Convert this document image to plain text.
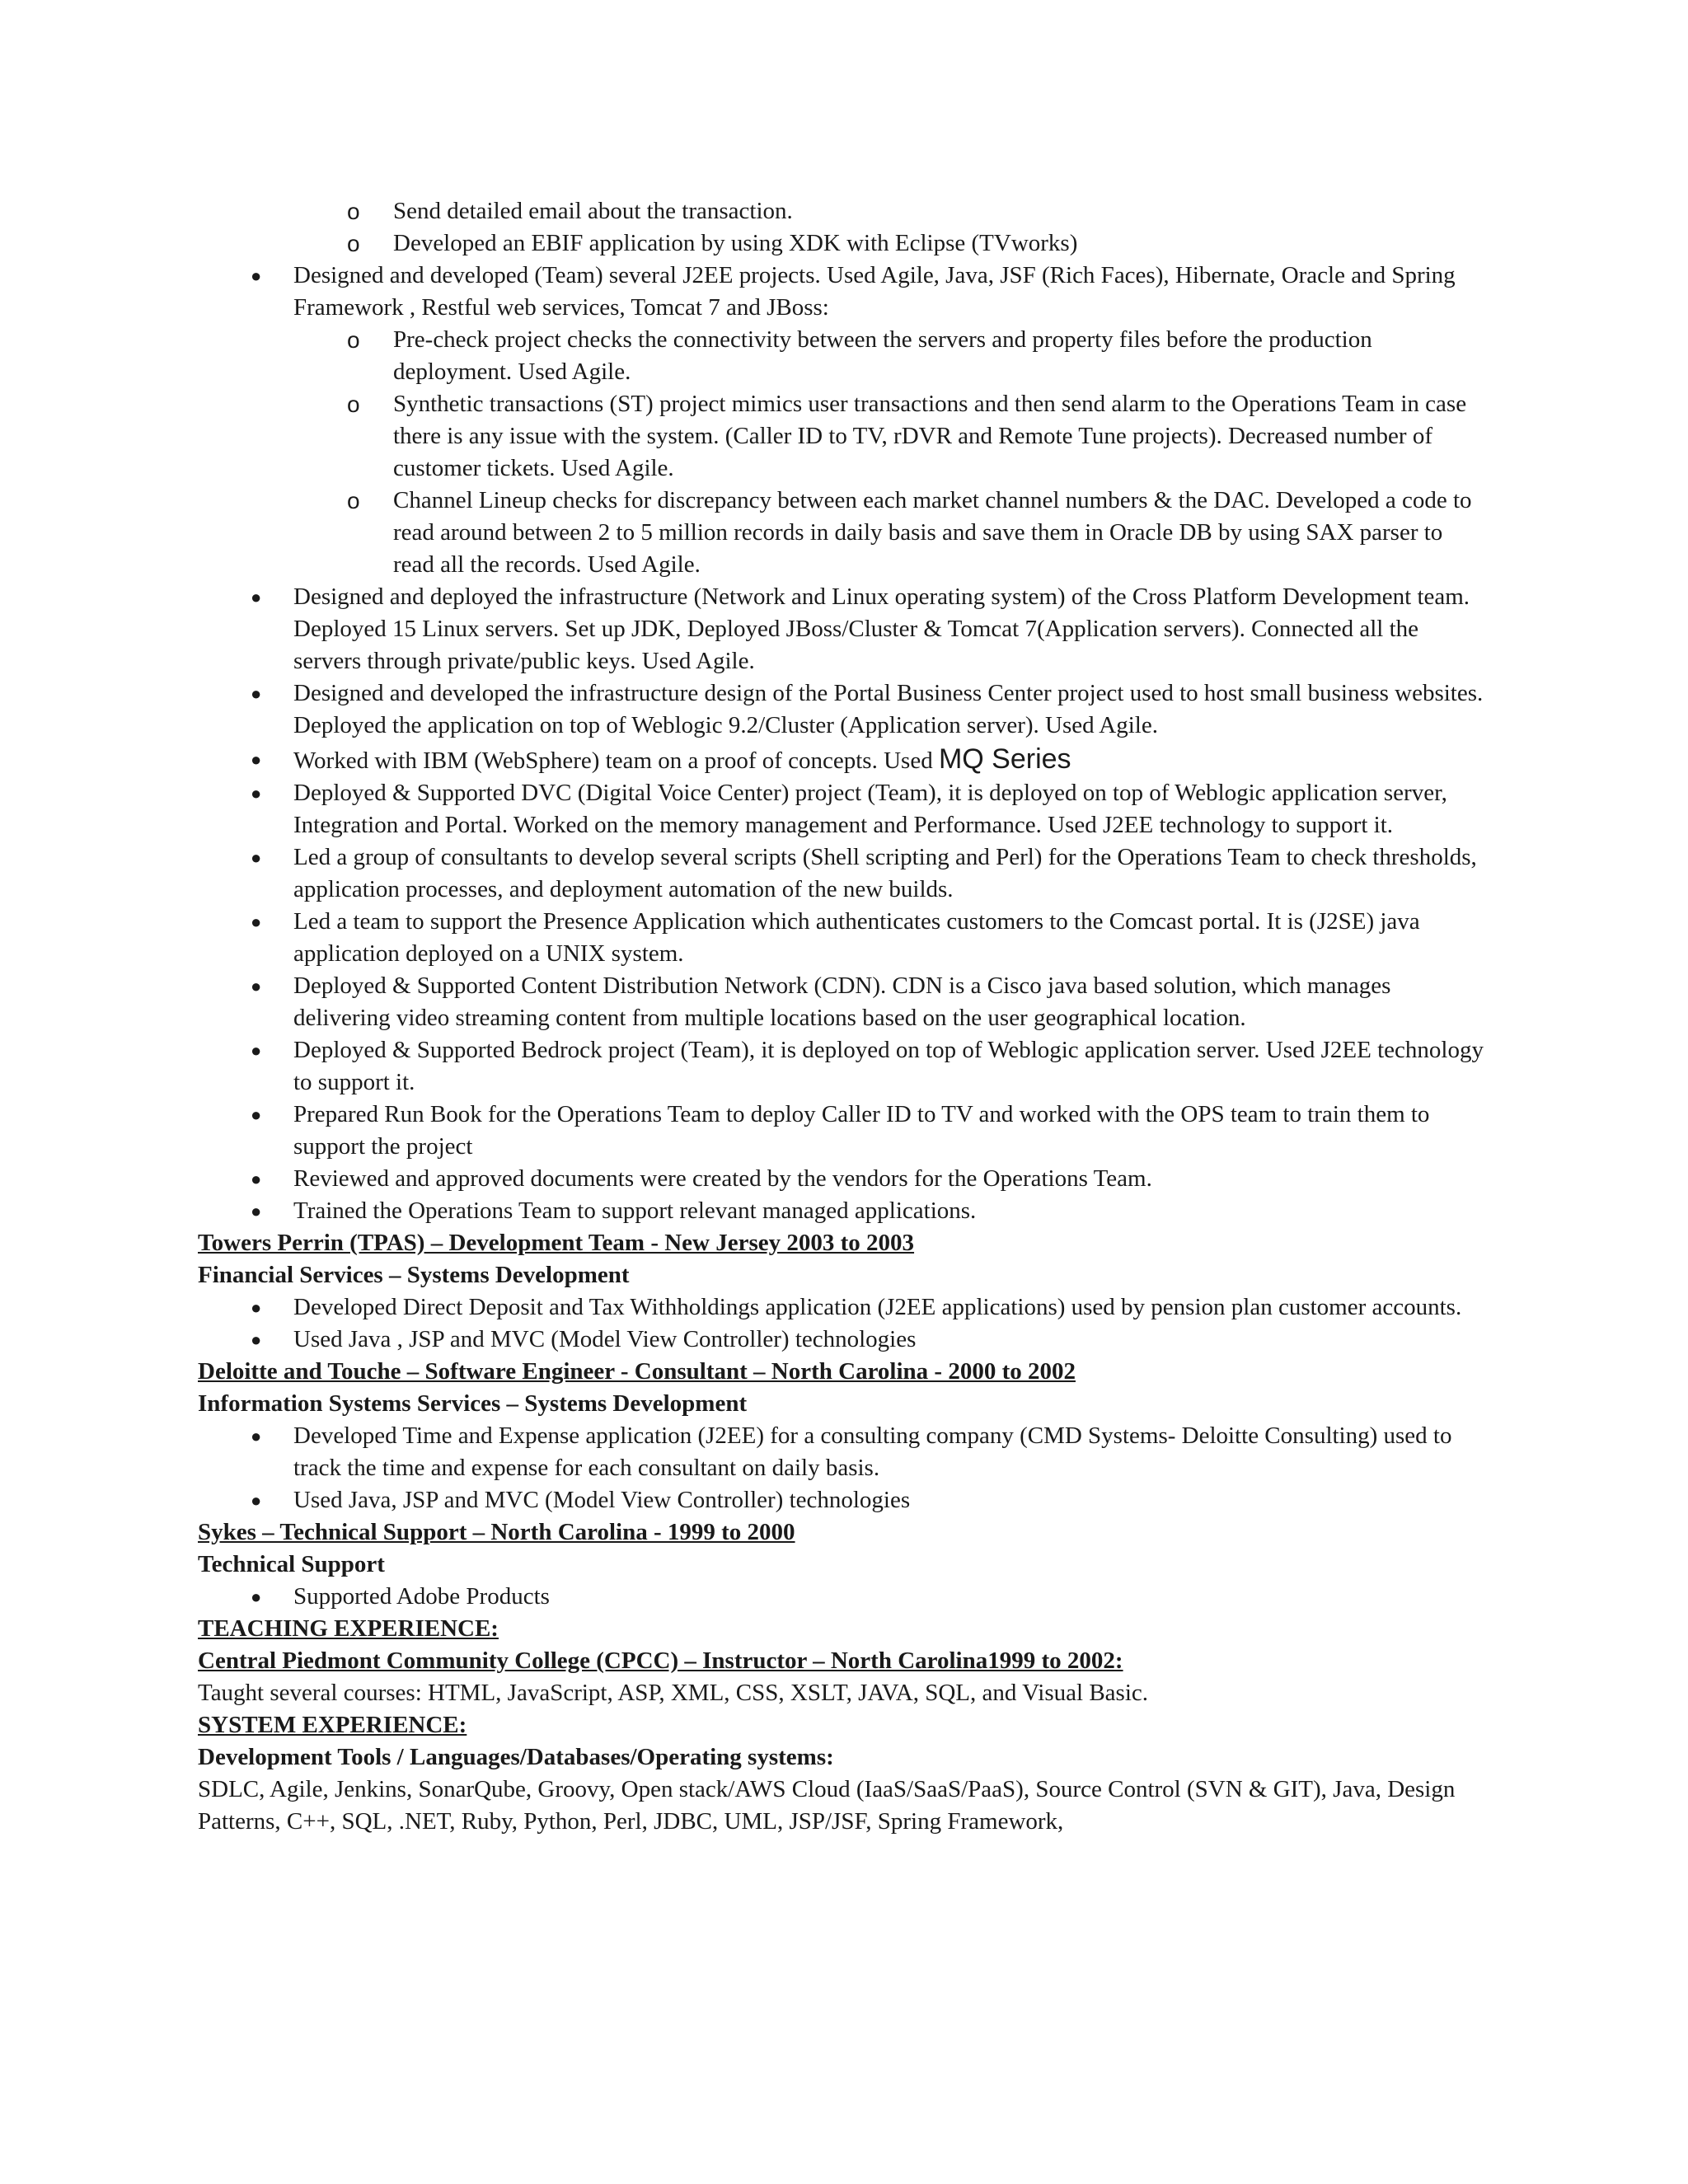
o Send detailed email about the transaction.
o Developed an EBIF application by using XDK with Eclipse (TVworks)
● Designed and developed (Team) several J2EE projects. Used Agile, Java, JSF (Rich Faces), Hibernate, Oracle and Spring Framework , Restful web services, Tomcat 7 and JBoss:
o Pre-check project checks the connectivity between the servers and property files before the production deployment. Used Agile.
o Synthetic transactions (ST) project mimics user transactions and then send alarm to the Operations Team in case there is any issue with the system. (Caller ID to TV, rDVR and Remote Tune projects). Decreased number of customer tickets. Used Agile.
o Channel Lineup checks for discrepancy between each market channel numbers & the DAC. Developed a code to read around between 2 to 5 million records in daily basis and save them in Oracle DB by using SAX parser to read all the records. Used Agile.
● Designed and deployed the infrastructure (Network and Linux operating system) of the Cross Platform Development team. Deployed 15 Linux servers. Set up JDK, Deployed JBoss/Cluster & Tomcat 7(Application servers). Connected all the servers through private/public keys. Used Agile.
● Designed and developed the infrastructure design of the Portal Business Center project used to host small business websites. Deployed the application on top of Weblogic 9.2/Cluster (Application server). Used Agile.
● Worked with IBM (WebSphere) team on a proof of concepts. Used MQ Series
● Deployed & Supported DVC (Digital Voice Center) project (Team), it is deployed on top of Weblogic application server, Integration and Portal. Worked on the memory management and Performance. Used J2EE technology to support it.
● Led a group of consultants to develop several scripts (Shell scripting and Perl) for the Operations Team to check thresholds, application processes, and deployment automation of the new builds.
● Led a team to support the Presence Application which authenticates customers to the Comcast portal. It is (J2SE) java application deployed on a UNIX system.
● Deployed & Supported Content Distribution Network (CDN). CDN is a Cisco java based solution, which manages delivering video streaming content from multiple locations based on the user geographical location.
● Deployed & Supported Bedrock project (Team), it is deployed on top of Weblogic application server. Used J2EE technology to support it.
● Prepared Run Book for the Operations Team to deploy Caller ID to TV and worked with the OPS team to train them to support the project
● Reviewed and approved documents were created by the vendors for the Operations Team.
● Trained the Operations Team to support relevant managed applications.
Towers Perrin (TPAS) – Development Team - New Jersey 2003 to 2003
Financial Services – Systems Development
● Developed Direct Deposit and Tax Withholdings application (J2EE applications) used by pension plan customer accounts.
● Used Java , JSP and MVC (Model View Controller) technologies
Deloitte and Touche – Software Engineer - Consultant – North Carolina - 2000 to 2002
Information Systems Services – Systems Development
● Developed Time and Expense application (J2EE) for a consulting company (CMD Systems- Deloitte Consulting) used to track the time and expense for each consultant on daily basis.
● Used Java, JSP and MVC (Model View Controller) technologies
Sykes – Technical Support – North Carolina - 1999 to 2000
Technical Support
● Supported Adobe Products
TEACHING EXPERIENCE:
Central Piedmont Community College (CPCC) – Instructor – North Carolina1999 to 2002:
Taught several courses: HTML, JavaScript, ASP, XML, CSS, XSLT, JAVA, SQL, and Visual Basic.
SYSTEM EXPERIENCE:
Development Tools / Languages/Databases/Operating systems:
SDLC, Agile, Jenkins, SonarQube, Groovy, Open stack/AWS Cloud (IaaS/SaaS/PaaS), Source Control (SVN & GIT), Java, Design Patterns, C++, SQL, .NET, Ruby, Python, Perl, JDBC, UML, JSP/JSF, Spring Framework,
